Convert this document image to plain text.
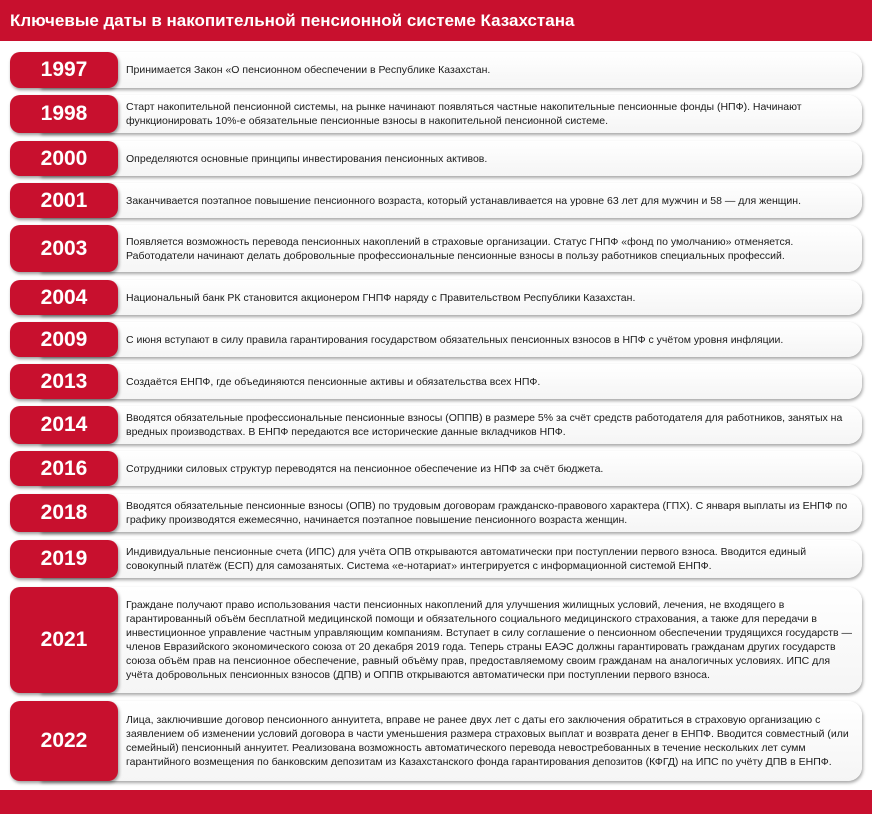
Ключевые даты в накопительной пенсионной системе Казахстана
Принимается Закон «О пенсионном обеспечении в Республике Казахстан.
1997
Старт накопительной пенсионной системы, на рынке начинают появляться частные накопительные пенсионные фонды (НПФ). Начинают функционировать 10%-е обязательные пенсионные взносы в накопительной пенсионной системе.
1998
Определяются основные принципы инвестирования пенсионных активов.
2000
Заканчивается поэтапное повышение пенсионного возраста, который устанавливается на уровне 63 лет для мужчин и 58 — для женщин.
2001
Появляется возможность перевода пенсионных накоплений в страховые организации. Статус ГНПФ «фонд по умолчанию» отменяется. Работодатели начинают делать добровольные профессиональные пенсионные взносы в пользу работников специальных профессий.
2003
Национальный банк РК становится акционером ГНПФ наряду с Правительством Республики Казахстан.
2004
С июня вступают в силу правила гарантирования государством обязательных пенсионных взносов в НПФ с учётом уровня инфляции.
2009
Создаётся ЕНПФ, где объединяются пенсионные активы и обязательства всех НПФ.
2013
Вводятся обязательные профессиональные пенсионные взносы (ОППВ) в размере 5% за счёт средств работодателя для работников, занятых на вредных производствах. В ЕНПФ передаются все исторические данные вкладчиков НПФ.
2014
Сотрудники силовых структур переводятся на пенсионное обеспечение из НПФ за счёт бюджета.
2016
Вводятся обязательные пенсионные взносы (ОПВ) по трудовым договорам гражданско-правового характера (ГПХ). С января выплаты из ЕНПФ по графику производятся ежемесячно, начинается поэтапное повышение пенсионного возраста женщин.
2018
Индивидуальные пенсионные счета (ИПС) для учёта ОПВ открываются автоматически при поступлении первого взноса. Вводится единый совокупный платёж (ЕСП) для самозанятых. Система «е-нотариат» интегрируется с информационной системой ЕНПФ.
2019
Граждане получают право использования части пенсионных накоплений для улучшения жилищных условий, лечения, не входящего в гарантированный объём бесплатной медицинской помощи и обязательного социального медицинского страхования, а также для передачи в инвестиционное управление частным управляющим компаниям. Вступает в силу соглашение о пенсионном обеспечении трудящихся государств — членов Евразийского экономического союза от 20 декабря 2019 года. Теперь страны ЕАЭС должны гарантировать гражданам других государств союза объём прав на пенсионное обеспечение, равный объёму прав, предоставляемому своим гражданам на аналогичных условиях. ИПС для учёта добровольных пенсионных взносов (ДПВ) и ОППВ открываются автоматически при поступлении первого взноса.
2021
Лица, заключившие договор пенсионного аннуитета, вправе не ранее двух лет с даты его заключения обратиться в страховую организацию с заявлением об изменении условий договора в части уменьшения размера страховых выплат и возврата денег в ЕНПФ. Вводится совместный (или семейный) пенсионный аннуитет. Реализована возможность автоматического перевода невостребованных в течение нескольких лет сумм гарантийного возмещения по банковским депозитам из Казахстанского фонда гарантирования депозитов (КФГД) на ИПС по учёту ДПВ в ЕНПФ.
2022
